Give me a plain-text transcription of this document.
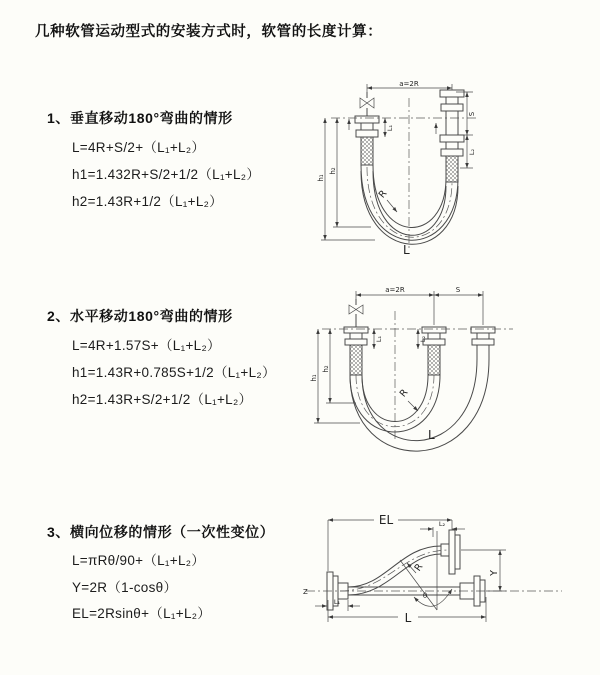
几种软管运动型式的安装方式时，软管的长度计算：
1、垂直移动180°弯曲的情形
L=4R+S/2+（L₁+L₂）
h1=1.432R+S/2+1/2（L₁+L₂）
h2=1.43R+1/2（L₁+L₂）
2、水平移动180°弯曲的情形
L=4R+1.57S+（L₁+L₂）
h1=1.43R+0.785S+1/2（L₁+L₂）
h2=1.43R+S/2+1/2（L₁+L₂）
3、横向位移的情形（一次性变位）
L=πRθ/90+（L₁+L₂）
Y=2R（1-cosθ）
EL=2Rsinθ+（L₁+L₂）
a=2R
h₁
h₂
L₁
S
L₂
R
L
a=2R	S
L₁	L₂
h₁
h₂
R
L
Z
EL	L₂
Y
θ
R
L₁
L
